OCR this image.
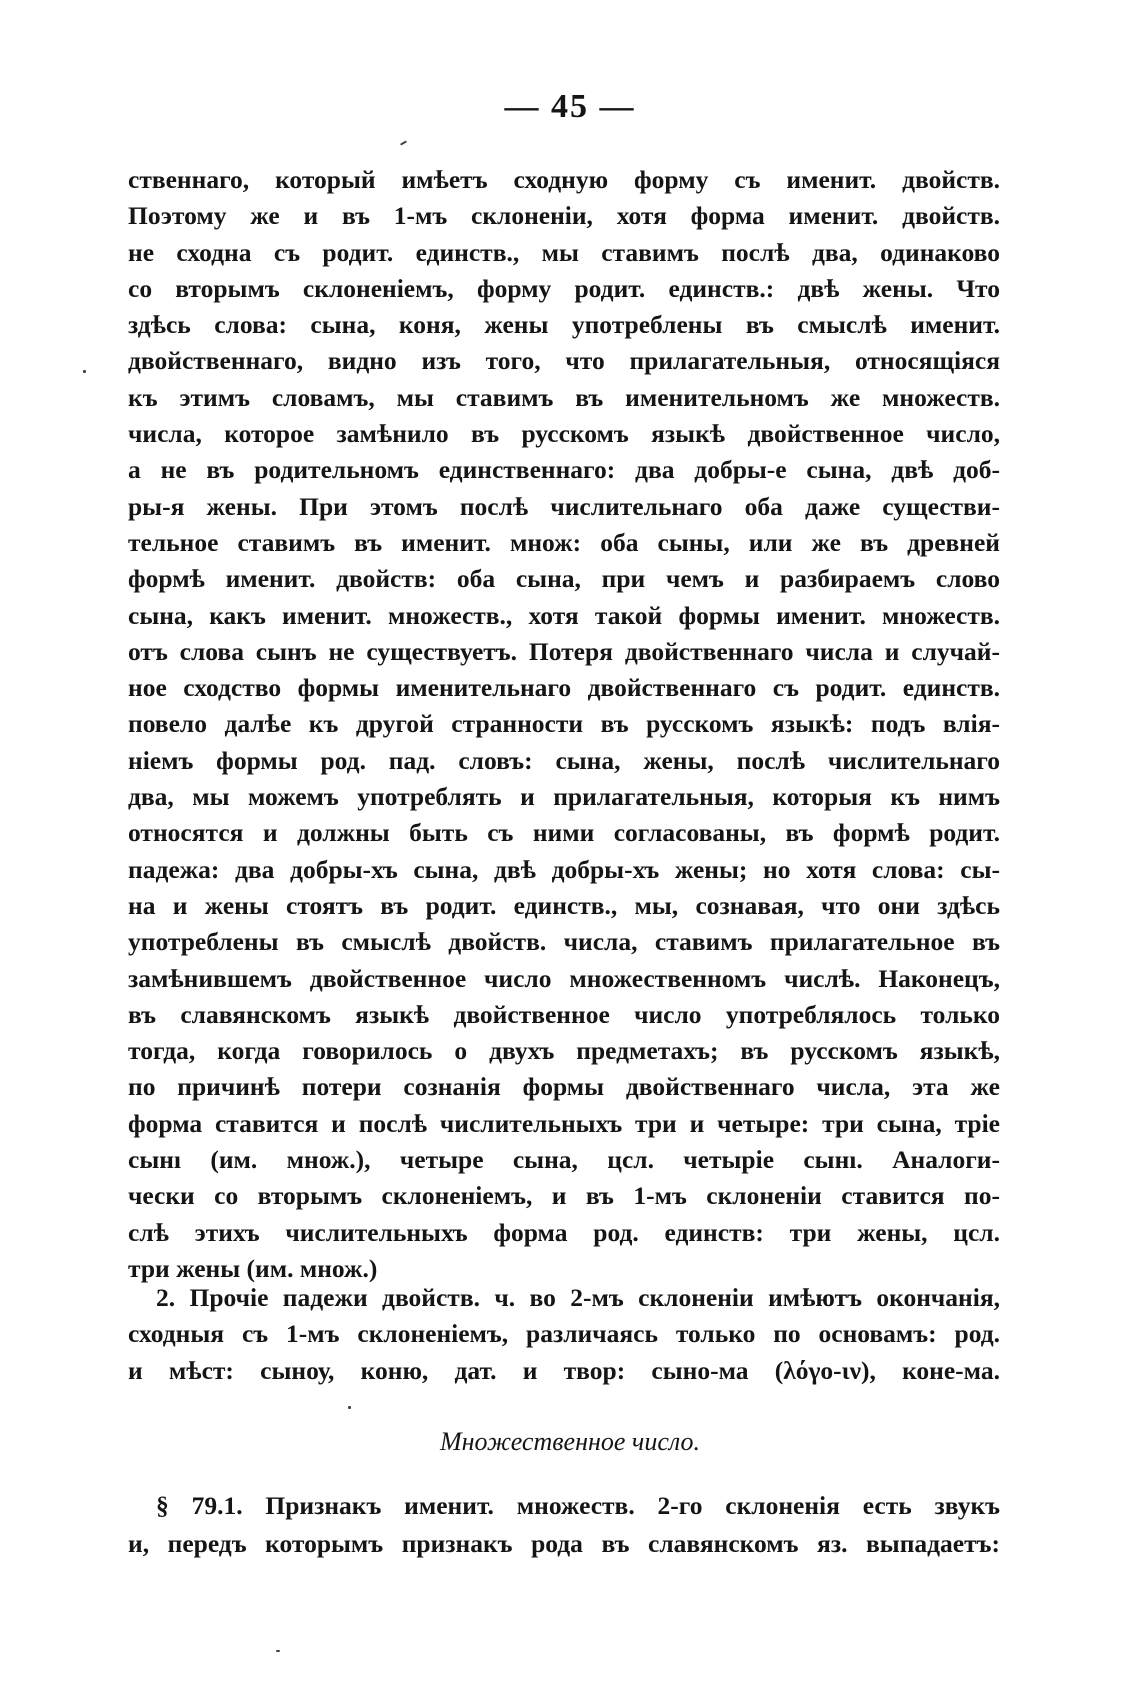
— 45 —
ственнаго, который имѣетъ сходную форму съ именит. двойств.
Поэтому же и въ 1-мъ склоненіи, хотя форма именит. двойств.
не сходна съ родит. единств., мы ставимъ послѣ два, одинаково
со вторымъ склоненіемъ, форму родит. единств.: двѣ жены. Что
здѣсь слова: сына, коня, жены употреблены въ смыслѣ именит.
двойственнаго, видно изъ того, что прилагательныя, относящіяся
къ этимъ словамъ, мы ставимъ въ именительномъ же множеств.
числа, которое замѣнило въ русскомъ языкѣ двойственное число,
а не въ родительномъ единственнаго: два добры-е сына, двѣ доб-
ры-я жены. При этомъ послѣ числительнаго оба даже существи-
тельное ставимъ въ именит. множ: оба сыны, или же въ древней
формѣ именит. двойств: оба сына, при чемъ и разбираемъ слово
сына, какъ именит. множеств., хотя такой формы именит. множеств.
отъ слова сынъ не существуетъ. Потеря двойственнаго числа и случай-
ное сходство формы именительнаго двойственнаго съ родит. единств.
повело далѣе къ другой странности въ русскомъ языкѣ: подъ влія-
ніемъ формы род. пад. словъ: сына, жены, послѣ числительнаго
два, мы можемъ употреблять и прилагательныя, которыя къ нимъ
относятся и должны быть съ ними согласованы, въ формѣ родит.
падежа: два добры-хъ сына, двѣ добры-хъ жены; но хотя слова: сы-
на и жены стоятъ въ родит. единств., мы, сознавая, что они здѣсь
употреблены въ смыслѣ двойств. числа, ставимъ прилагательное въ
замѣнившемъ двойственное число множественномъ числѣ. Наконецъ,
въ славянскомъ языкѣ двойственное число употреблялось только
тогда, когда говорилось о двухъ предметахъ; въ русскомъ языкѣ,
по причинѣ потери сознанія формы двойственнаго числа, эта же
форма ставится и послѣ числительныхъ три и четыре: три сына, тріе
сынı (им. множ.), четыре сына, цсл. четыріе сынı. Аналоги-
чески со вторымъ склоненіемъ, и въ 1-мъ склоненіи ставится по-
слѣ этихъ числительныхъ форма род. единств: три жены, цсл.
три жены (им. множ.)
2. Прочіе падежи двойств. ч. во 2-мъ склоненіи имѣютъ окончанія,
сходныя съ 1-мъ склоненіемъ, различаясь только по основамъ: род.
и мѣст: сыноу, коню, дат. и твор: сыно-ма (λόγο-ιν), коне-ма.
Множественное число.
§ 79.1. Признакъ именит. множеств. 2-го склоненія есть звукъ
и, передъ которымъ признакъ рода въ славянскомъ яз. выпадаетъ:
